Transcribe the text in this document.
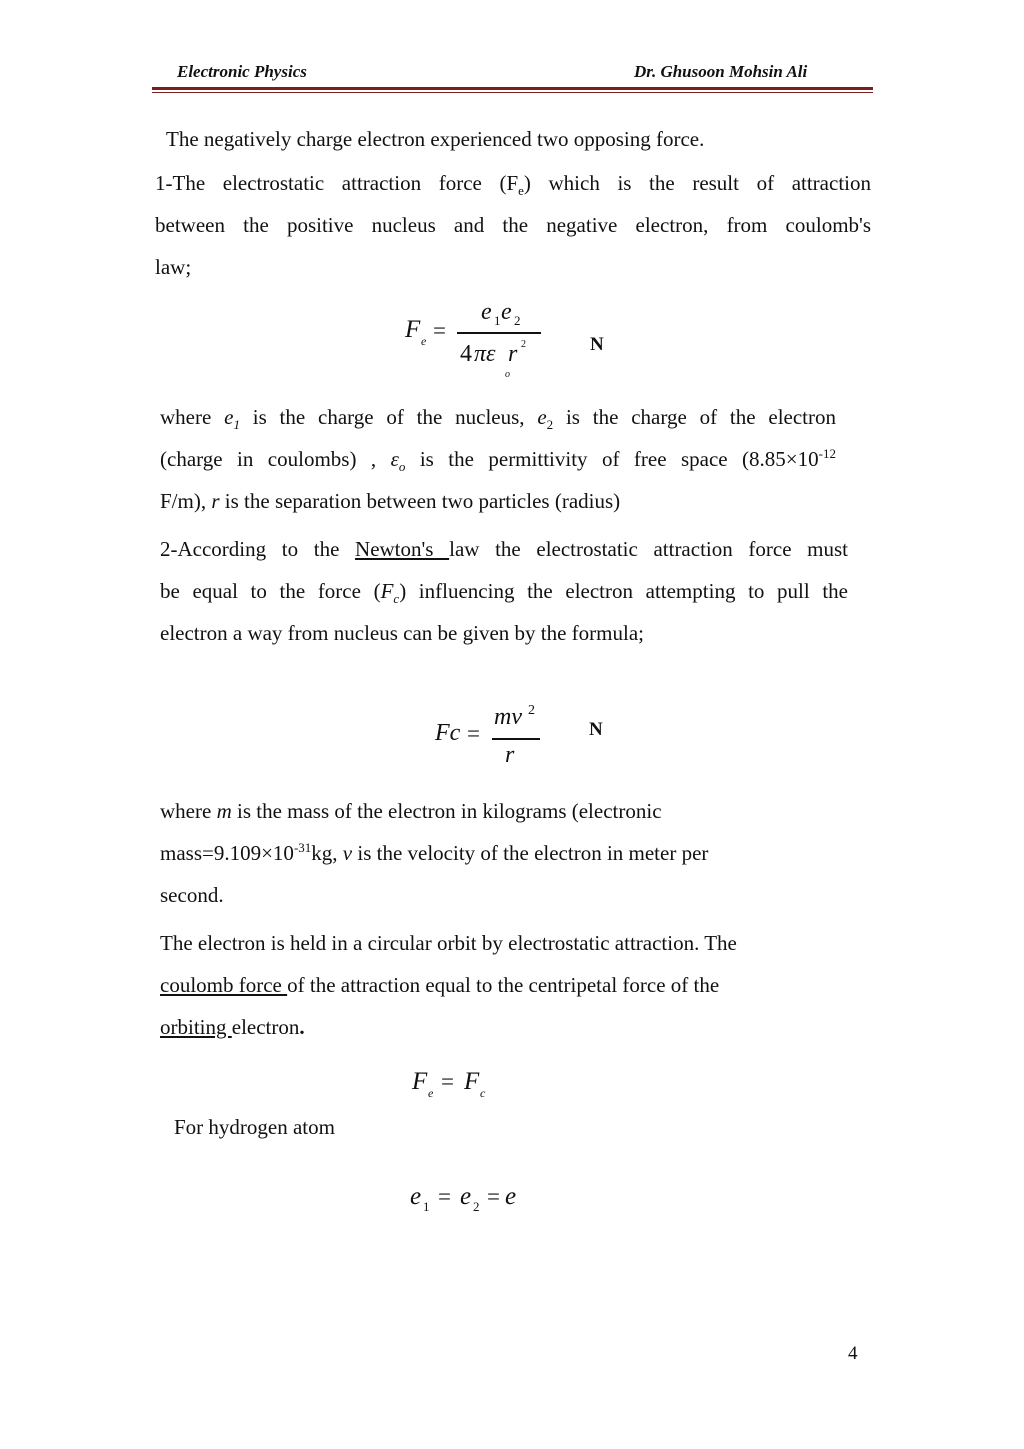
Electronic Physics	Dr. Ghusoon Mohsin Ali
The negatively charge electron experienced two opposing force.
1-The electrostatic attraction force $(F_e)$ which is the result of attraction
between the positive nucleus and the negative electron, from coulomb's
law;
F e =
e 1 e 2
4 πε r 2
o
N
where $e_1$ is the charge of the nucleus, $e_2$ is the charge of the electron
(charge in coulombs) , $\varepsilon_o$ is the permittivity of free space ($8.85\times 10^{-12}$
F/m), r is the separation between two particles (radius)
2-According to the Newton's law the electrostatic attraction force must
be equal to the force $(F_c)$ influencing the electron attempting to pull the
electron a way from nucleus can be given by the formula;
Fc =
mv 2
r
N
where m is the mass of the electron in kilograms (electronic
$mass=9.109\times 10^{-31}kg$, v is the velocity of the electron in meter per
second.
The electron is held in a circular orbit by electrostatic attraction. The
coulomb force of the attraction equal to the centripetal force of the
orbiting electron.
F e = F c
For hydrogen atom
e 1 = e 2 = e
4
